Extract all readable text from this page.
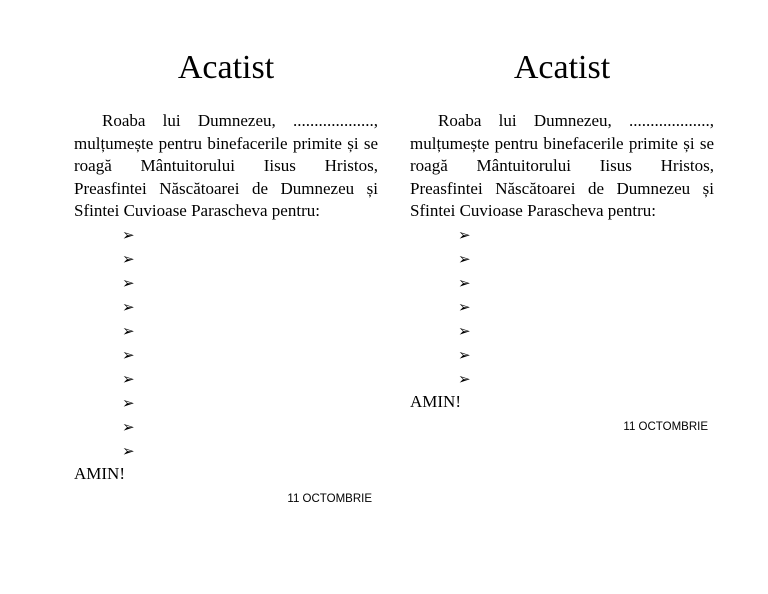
Acatist

Roaba lui Dumnezeu, ..................., mulțumește pentru binefacerile primite și se roagă Mântuitorului Iisus Hristos, Preasfintei Născătoarei de Dumnezeu și Sfintei Cuvioase Parascheva pentru:

➢
➢
➢
➢
➢
➢
➢
➢
➢
➢

AMIN!

11 OCTOMBRIE

Acatist

Roaba lui Dumnezeu, ..................., mulțumește pentru binefacerile primite și se roagă Mântuitorului Iisus Hristos, Preasfintei Născătoarei de Dumnezeu și Sfintei Cuvioase Parascheva pentru:

➢
➢
➢
➢
➢
➢
➢

AMIN!

11 OCTOMBRIE
